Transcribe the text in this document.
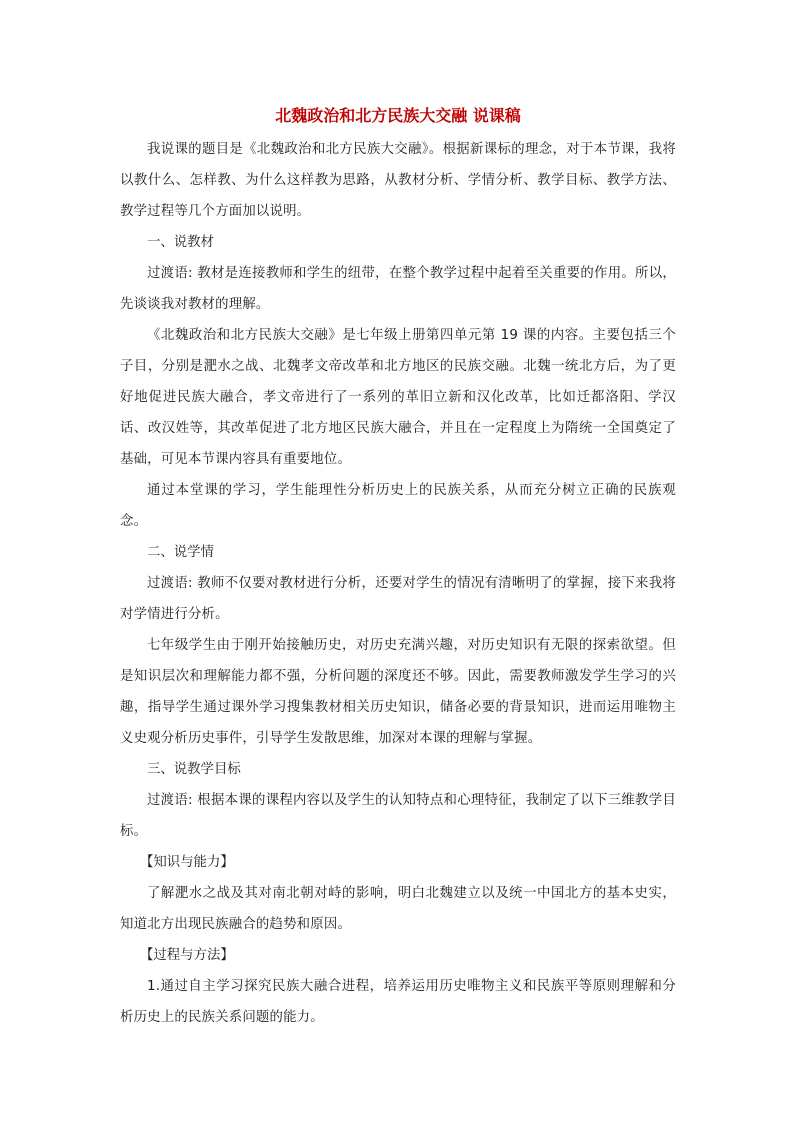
北魏政治和北方民族大交融 说课稿

我说课的题目是《北魏政治和北方民族大交融》。根据新课标的理念，对于本节课，我将以教什么、怎样教、为什么这样教为思路，从教材分析、学情分析、教学目标、教学方法、教学过程等几个方面加以说明。

一、说教材

过渡语: 教材是连接教师和学生的纽带，在整个教学过程中起着至关重要的作用。所以，先谈谈我对教材的理解。

《北魏政治和北方民族大交融》是七年级上册第四单元第 19 课的内容。主要包括三个子目，分别是淝水之战、北魏孝文帝改革和北方地区的民族交融。北魏一统北方后，为了更好地促进民族大融合，孝文帝进行了一系列的革旧立新和汉化改革，比如迁都洛阳、学汉话、改汉姓等，其改革促进了北方地区民族大融合，并且在一定程度上为隋统一全国奠定了基础，可见本节课内容具有重要地位。

通过本堂课的学习，学生能理性分析历史上的民族关系，从而充分树立正确的民族观念。

二、说学情

过渡语: 教师不仅要对教材进行分析，还要对学生的情况有清晰明了的掌握，接下来我将对学情进行分析。

七年级学生由于刚开始接触历史，对历史充满兴趣，对历史知识有无限的探索欲望。但是知识层次和理解能力都不强，分析问题的深度还不够。因此，需要教师激发学生学习的兴趣，指导学生通过课外学习搜集教材相关历史知识，储备必要的背景知识，进而运用唯物主义史观分析历史事件，引导学生发散思维，加深对本课的理解与掌握。

三、说教学目标

过渡语: 根据本课的课程内容以及学生的认知特点和心理特征，我制定了以下三维教学目标。

【知识与能力】

了解淝水之战及其对南北朝对峙的影响，明白北魏建立以及统一中国北方的基本史实，知道北方出现民族融合的趋势和原因。

【过程与方法】

1.通过自主学习探究民族大融合进程，培养运用历史唯物主义和民族平等原则理解和分析历史上的民族关系问题的能力。
